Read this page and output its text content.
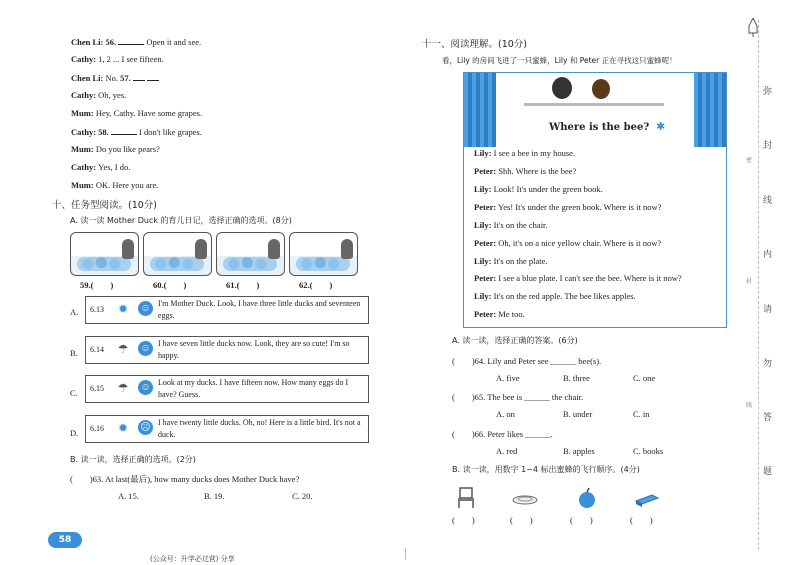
Chen Li: 56.	Open it and see.
Cathy: 1, 2 ... I see fifteen.
Chen Li: No. 57.
Cathy: Oh, yes.
Mum: Hey, Cathy. Have some grapes.
Cathy: 58.	I don't like grapes.
Mum: Do you like pears?
Cathy: Yes, I do.
Mum: OK. Here you are.
十、任务型阅读。(10分)
A. 读一读 Mother Duck 的育儿日记，选择正确的选项。(8分)
59.(　　)	60.(　　)	61.(　　)	62.(　　)
A. 6.13 ✹ ☺ I'm Mother Duck. Look, I have three little ducks and seventeen eggs.
B. 6.14 ☂ ☺ I have seven little ducks now. Look, they are so cute! I'm so happy.
C. 6.15 ☂ ☺ Look at my ducks. I have fifteen now. How many eggs do I have? Guess.
D. 6.16 ✹ ☹ I have twenty little ducks. Oh, no! Here is a little bird. It's not a duck.
B. 读一读，选择正确的选项。(2分)
(　　)63. At last(最后), how many ducks does Mother Duck have?
A. 15.	B. 19.	C. 20.
58
(公众号：升学必过营) 分享
十一、阅读理解。(10分)
看，Lily 的房间飞进了一只蜜蜂，Lily 和 Peter 正在寻找这只蜜蜂呢！
Where is the bee? ✱
Lily: I see a bee in my house.
Peter: Shh. Where is the bee?
Lily: Look! It's under the green book.
Peter: Yes! It's under the green book. Where is it now?
Lily: It's on the chair.
Peter: Oh, it's on a nice yellow chair. Where is it now?
Lily: It's on the plate.
Peter: I see a blue plate. I can't see the bee. Where is it now?
Lily: It's on the red apple. The bee likes apples.
Peter: Me too.
A. 读一读，选择正确的答案。(6分)
(　　)64. Lily and Peter see ______ bee(s).
A. five	B. three	C. one
(　　)65. The bee is ______ the chair.
A. on	B. under	C. in
(　　)66. Peter likes ______.
A. red	B. apples	C. books
B. 读一读，用数字 1~4 标出蜜蜂的飞行顺序。(4分)
(　　)	(　　)	(　　)	(　　)
弥
封
线
内
请
勿
答
题
密
封
线
